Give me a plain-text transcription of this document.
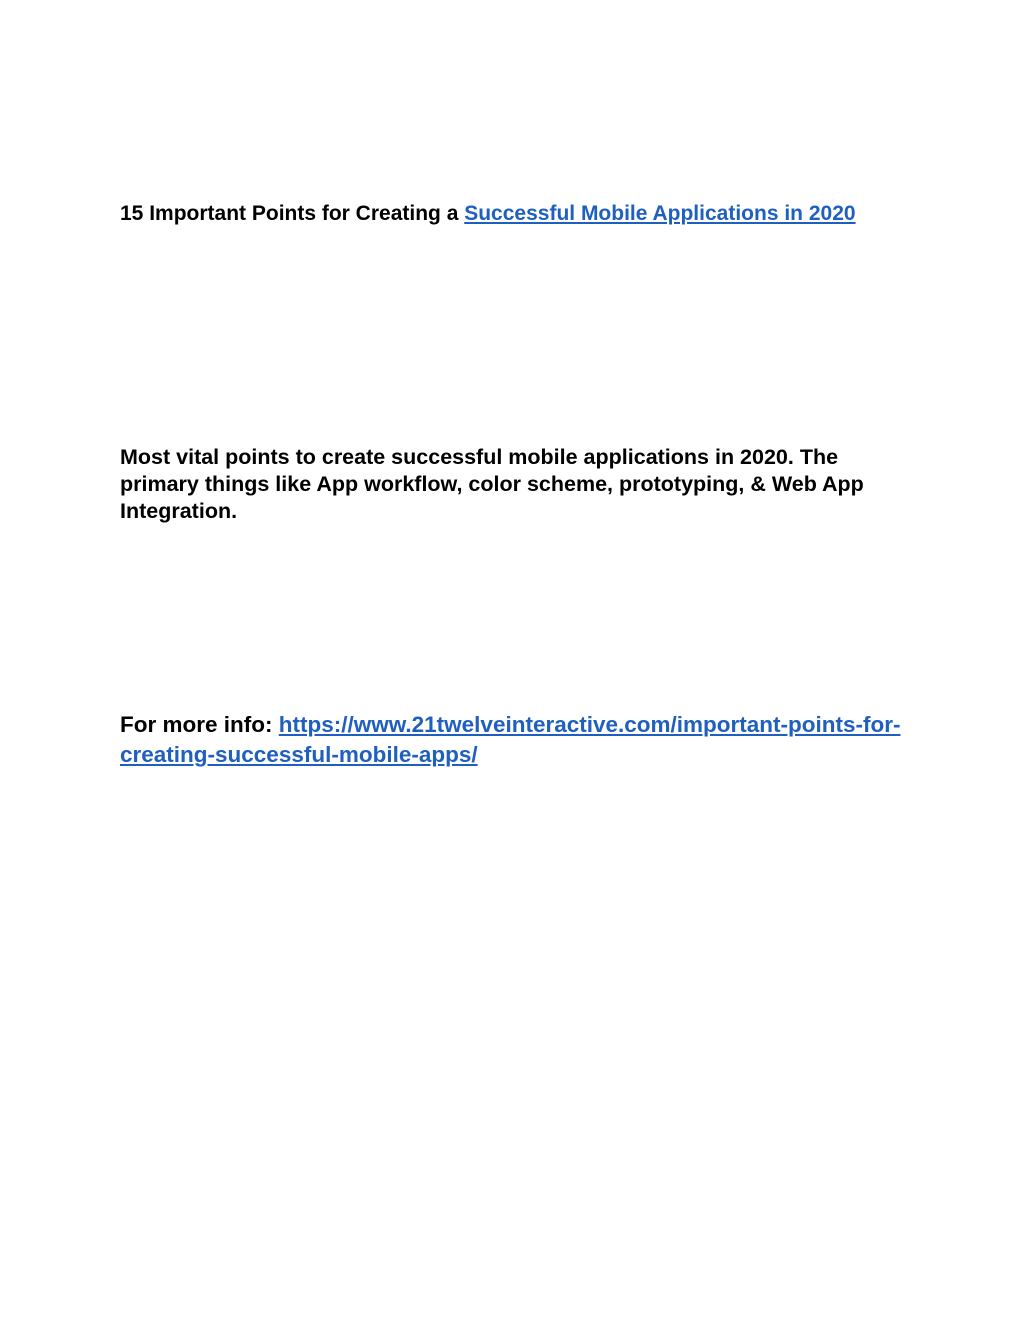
15 Important Points for Creating a Successful Mobile Applications in 2020

Most vital points to create successful mobile applications in 2020. The primary things like App workflow, color scheme, prototyping, & Web App Integration.

For more info: https://www.21twelveinteractive.com/important-points-for-creating-successful-mobile-apps/
